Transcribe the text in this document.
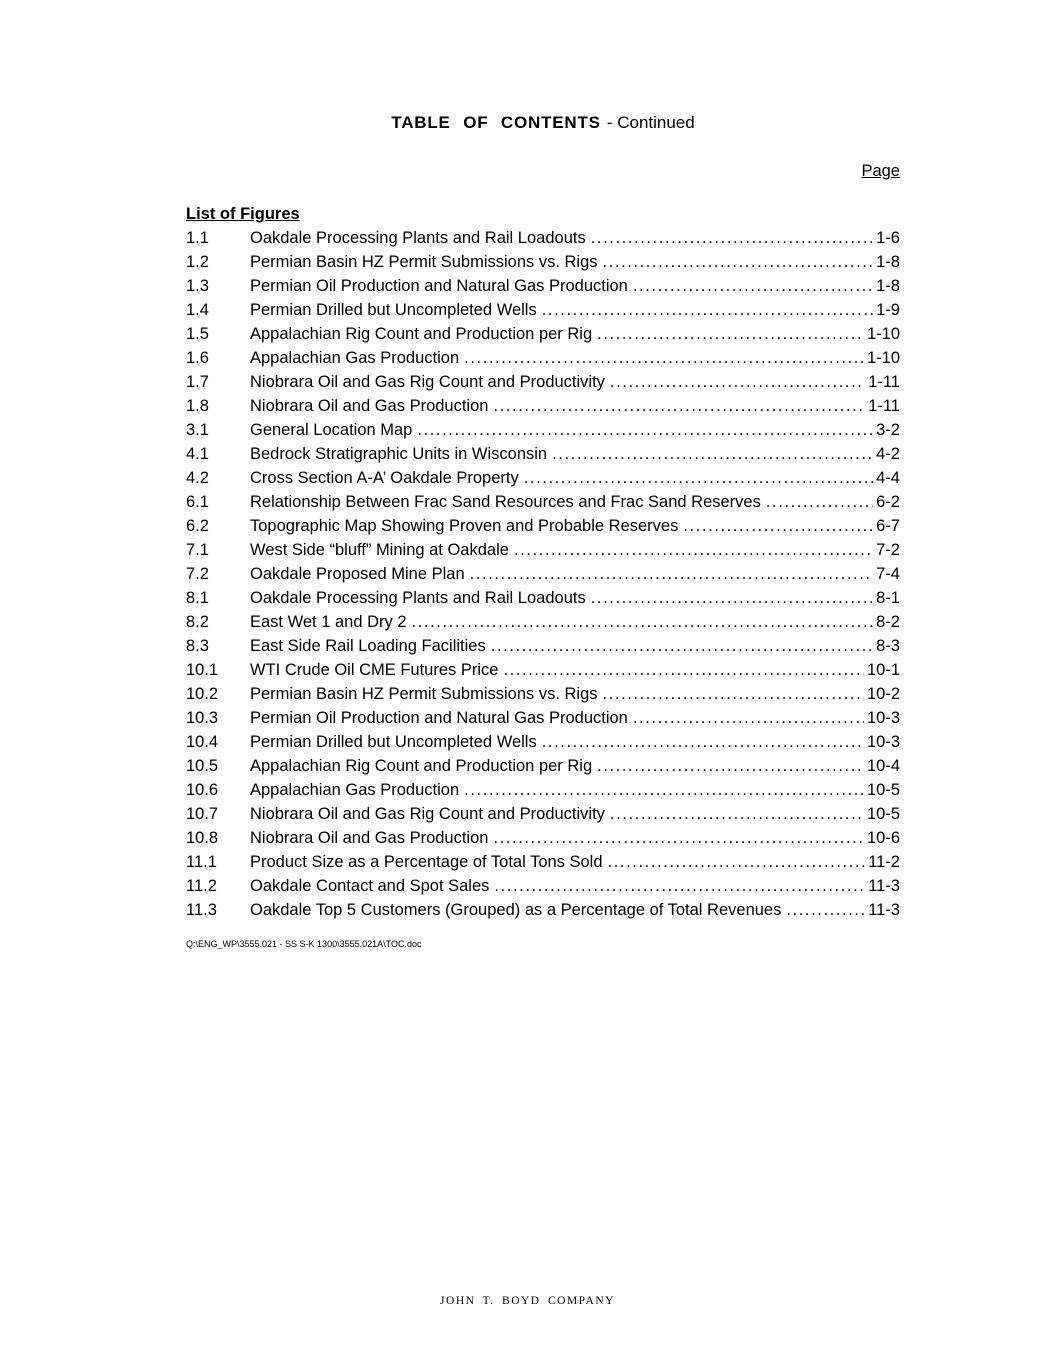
TABLE OF CONTENTS - Continued
Page
List of Figures
1.1	Oakdale Processing Plants and Rail Loadouts .....	1-6
1.2	Permian Basin HZ Permit Submissions vs. Rigs .....	1-8
1.3	Permian Oil Production and Natural Gas Production .....	1-8
1.4	Permian Drilled but Uncompleted Wells .....	1-9
1.5	Appalachian Rig Count and Production per Rig .....	1-10
1.6	Appalachian Gas Production .....	1-10
1.7	Niobrara Oil and Gas Rig Count and Productivity .....	1-11
1.8	Niobrara Oil and Gas Production .....	1-11
3.1	General Location Map .....	3-2
4.1	Bedrock Stratigraphic Units in Wisconsin .....	4-2
4.2	Cross Section A-A’ Oakdale Property .....	4-4
6.1	Relationship Between Frac Sand Resources and Frac Sand Reserves .....	6-2
6.2	Topographic Map Showing Proven and Probable Reserves .....	6-7
7.1	West Side “bluff” Mining at Oakdale .....	7-2
7.2	Oakdale Proposed Mine Plan .....	7-4
8.1	Oakdale Processing Plants and Rail Loadouts .....	8-1
8.2	East Wet 1 and Dry 2 .....	8-2
8.3	East Side Rail Loading Facilities .....	8-3
10.1	WTI Crude Oil CME Futures Price .....	10-1
10.2	Permian Basin HZ Permit Submissions vs. Rigs .....	10-2
10.3	Permian Oil Production and Natural Gas Production .....	10-3
10.4	Permian Drilled but Uncompleted Wells .....	10-3
10.5	Appalachian Rig Count and Production per Rig .....	10-4
10.6	Appalachian Gas Production .....	10-5
10.7	Niobrara Oil and Gas Rig Count and Productivity .....	10-5
10.8	Niobrara Oil and Gas Production .....	10-6
11.1	Product Size as a Percentage of Total Tons Sold .....	11-2
11.2	Oakdale Contact and Spot Sales .....	11-3
11.3	Oakdale Top 5 Customers (Grouped) as a Percentage of Total Revenues .....	11-3
Q:\ENG_WP\3555.021 - SS S-K 1300\3555.021A\TOC.doc
JOHN T. BOYD COMPANY
